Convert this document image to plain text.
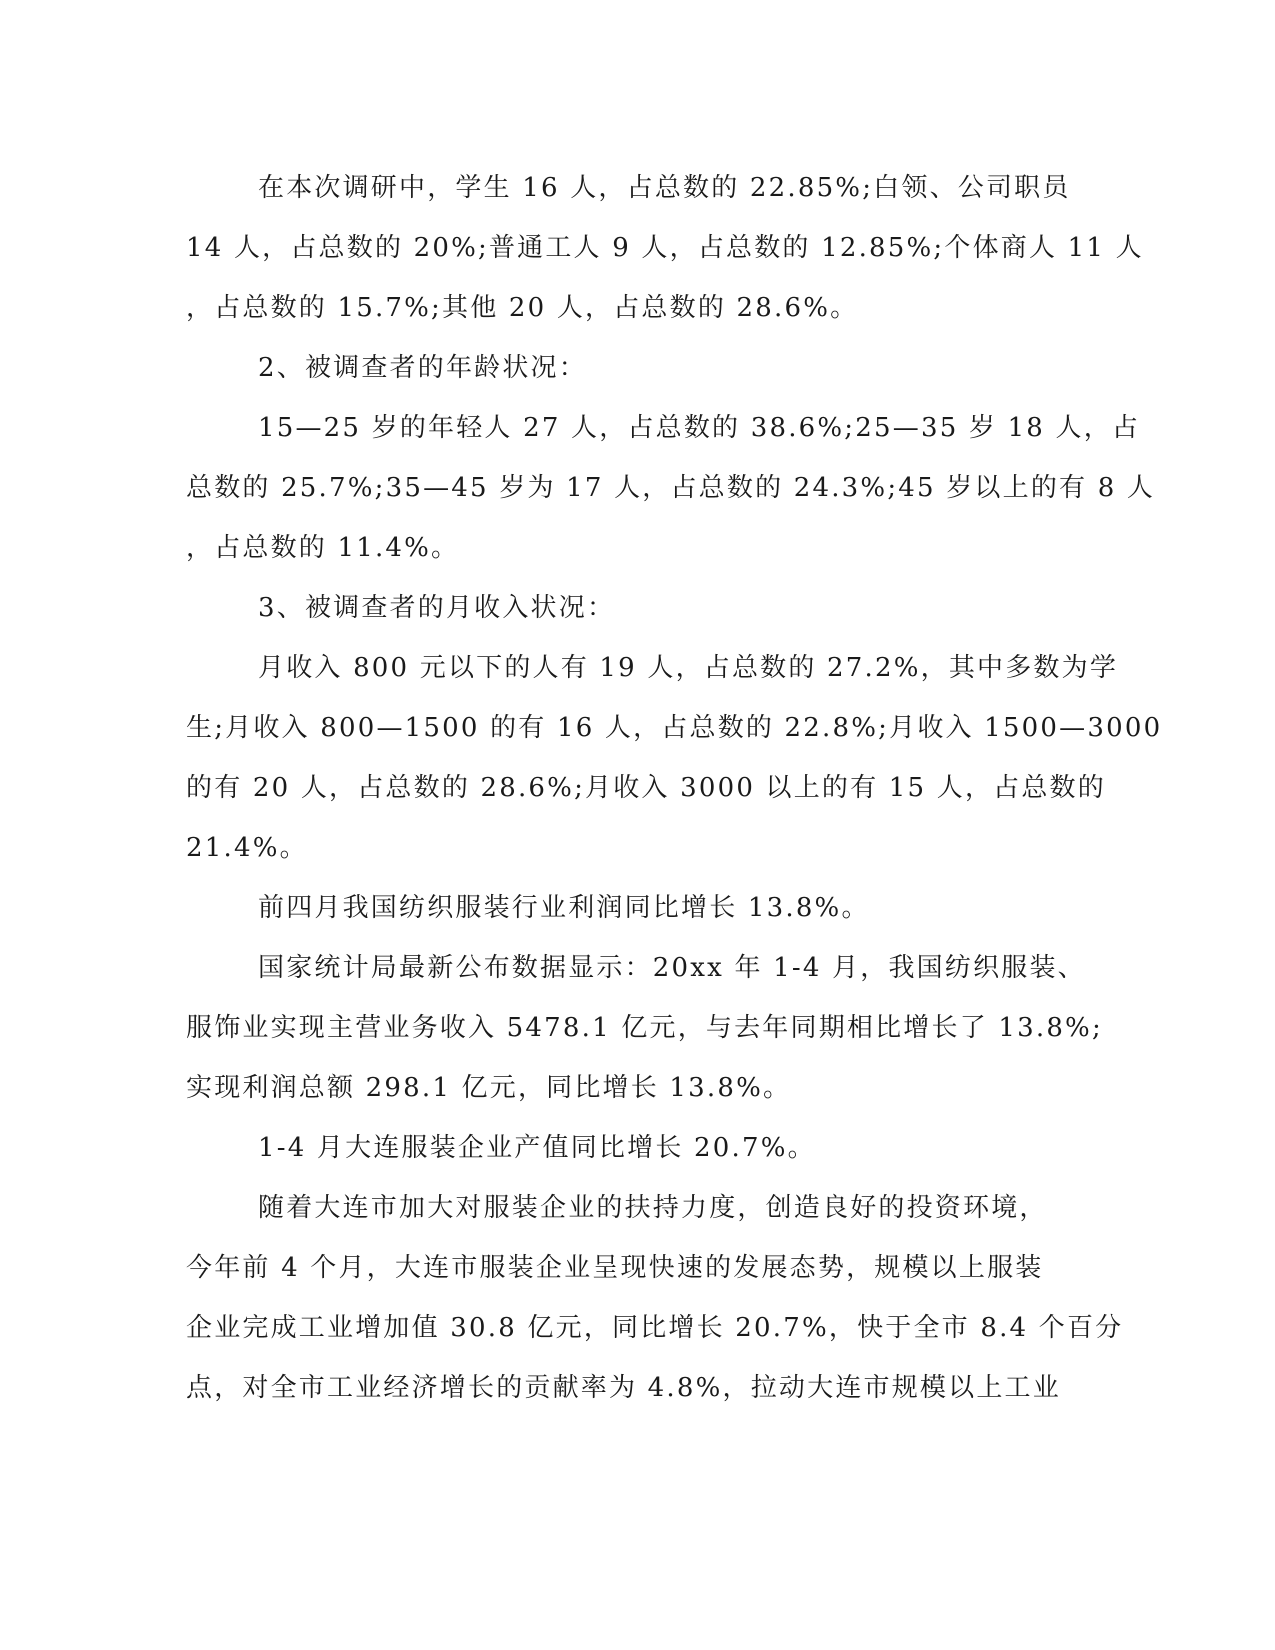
在本次调研中，学生 16 人，占总数的 22.85%;白领、公司职员
14 人，占总数的 20%;普通工人 9 人，占总数的 12.85%;个体商人 11 人
，占总数的 15.7%;其他 20 人，占总数的 28.6%。

2、被调查者的年龄状况：

15—25 岁的年轻人 27 人，占总数的 38.6%;25—35 岁 18 人，占
总数的 25.7%;35—45 岁为 17 人，占总数的 24.3%;45 岁以上的有 8 人
，占总数的 11.4%。

3、被调查者的月收入状况：

月收入 800 元以下的人有 19 人，占总数的 27.2%，其中多数为学
生;月收入 800—1500 的有 16 人，占总数的 22.8%;月收入 1500—3000
的有 20 人，占总数的 28.6%;月收入 3000 以上的有 15 人，占总数的
21.4%。

前四月我国纺织服装行业利润同比增长 13.8%。

国家统计局最新公布数据显示：20xx 年 1-4 月，我国纺织服装、
服饰业实现主营业务收入 5478.1 亿元，与去年同期相比增长了 13.8%;
实现利润总额 298.1 亿元，同比增长 13.8%。

1-4 月大连服装企业产值同比增长 20.7%。

随着大连市加大对服装企业的扶持力度，创造良好的投资环境，
今年前 4 个月，大连市服装企业呈现快速的发展态势，规模以上服装
企业完成工业增加值 30.8 亿元，同比增长 20.7%，快于全市 8.4 个百分
点，对全市工业经济增长的贡献率为 4.8%，拉动大连市规模以上工业
